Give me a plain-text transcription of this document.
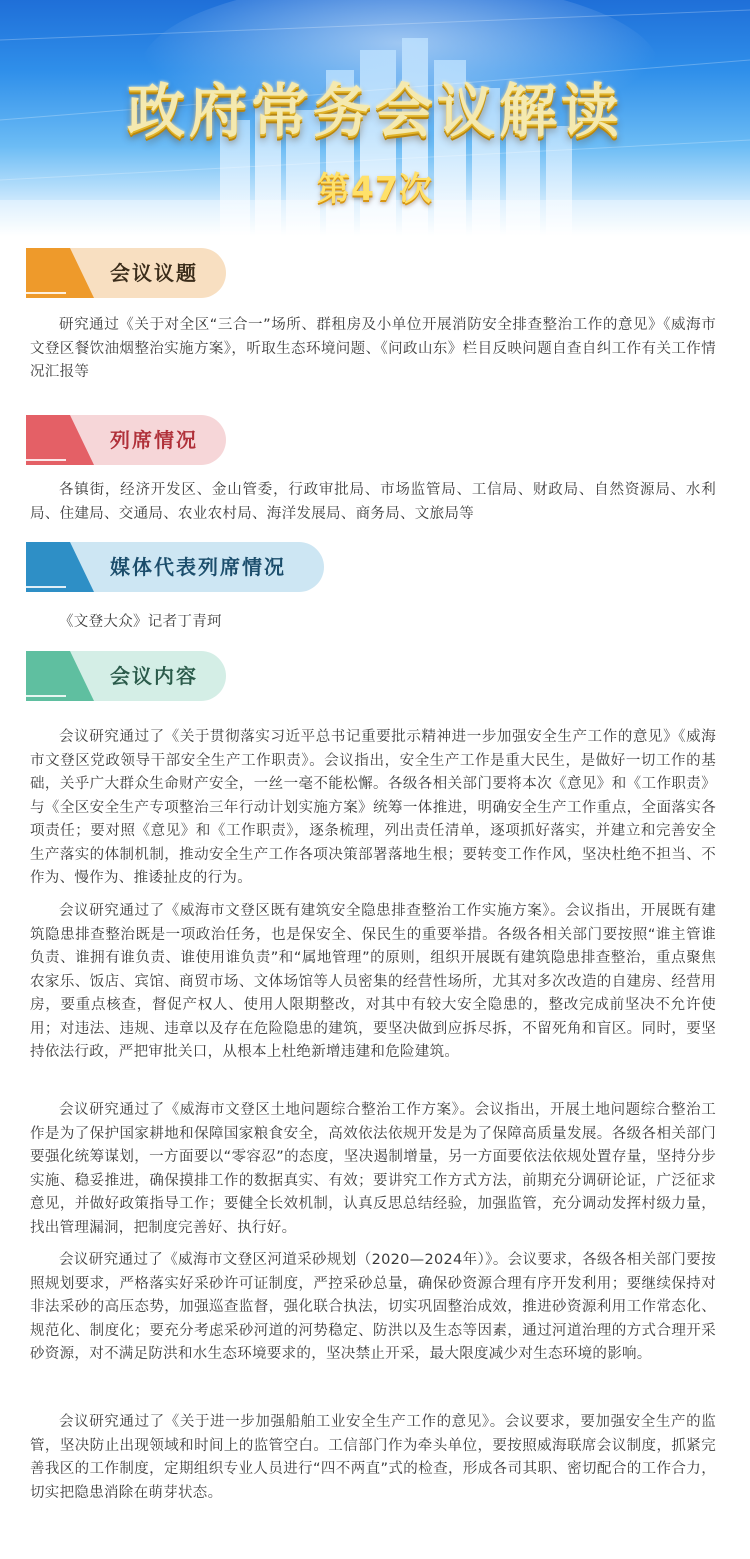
政府常务会议解读
第47次
会议议题

研究通过《关于对全区“三合一”场所、群租房及小单位开展消防安全排查整治工作的意见》《威海市文登区餐饮油烟整治实施方案》，听取生态环境问题、《问政山东》栏目反映问题自查自纠工作有关工作情况汇报等

列席情况

各镇街，经济开发区、金山管委，行政审批局、市场监管局、工信局、财政局、自然资源局、水利局、住建局、交通局、农业农村局、海洋发展局、商务局、文旅局等

媒体代表列席情况

《文登大众》记者丁青珂

会议内容

会议研究通过了《关于贯彻落实习近平总书记重要批示精神进一步加强安全生产工作的意见》《威海市文登区党政领导干部安全生产工作职责》。会议指出，安全生产工作是重大民生，是做好一切工作的基础，关乎广大群众生命财产安全，一丝一毫不能松懈。各级各相关部门要将本次《意见》和《工作职责》与《全区安全生产专项整治三年行动计划实施方案》统筹一体推进，明确安全生产工作重点，全面落实各项责任；要对照《意见》和《工作职责》，逐条梳理，列出责任清单，逐项抓好落实，并建立和完善安全生产落实的体制机制，推动安全生产工作各项决策部署落地生根；要转变工作作风，坚决杜绝不担当、不作为、慢作为、推诿扯皮的行为。

会议研究通过了《威海市文登区既有建筑安全隐患排查整治工作实施方案》。会议指出，开展既有建筑隐患排查整治既是一项政治任务，也是保安全、保民生的重要举措。各级各相关部门要按照“谁主管谁负责、谁拥有谁负责、谁使用谁负责”和“属地管理”的原则，组织开展既有建筑隐患排查整治，重点聚焦农家乐、饭店、宾馆、商贸市场、文体场馆等人员密集的经营性场所，尤其对多次改造的自建房、经营用房，要重点核查，督促产权人、使用人限期整改，对其中有较大安全隐患的，整改完成前坚决不允许使用；对违法、违规、违章以及存在危险隐患的建筑，要坚决做到应拆尽拆，不留死角和盲区。同时，要坚持依法行政，严把审批关口，从根本上杜绝新增违建和危险建筑。

会议研究通过了《威海市文登区土地问题综合整治工作方案》。会议指出，开展土地问题综合整治工作是为了保护国家耕地和保障国家粮食安全，高效依法依规开发是为了保障高质量发展。各级各相关部门要强化统筹谋划，一方面要以“零容忍”的态度，坚决遏制增量，另一方面要依法依规处置存量，坚持分步实施、稳妥推进，确保摸排工作的数据真实、有效；要讲究工作方式方法，前期充分调研论证，广泛征求意见，并做好政策指导工作；要健全长效机制，认真反思总结经验，加强监管，充分调动发挥村级力量，找出管理漏洞，把制度完善好、执行好。

会议研究通过了《威海市文登区河道采砂规划（2020—2024年）》。会议要求，各级各相关部门要按照规划要求，严格落实好采砂许可证制度，严控采砂总量，确保砂资源合理有序开发利用；要继续保持对非法采砂的高压态势，加强巡查监督，强化联合执法，切实巩固整治成效，推进砂资源利用工作常态化、规范化、制度化；要充分考虑采砂河道的河势稳定、防洪以及生态等因素，通过河道治理的方式合理开采砂资源，对不满足防洪和水生态环境要求的，坚决禁止开采，最大限度减少对生态环境的影响。

会议研究通过了《关于进一步加强船舶工业安全生产工作的意见》。会议要求，要加强安全生产的监管，坚决防止出现领域和时间上的监管空白。工信部门作为牵头单位，要按照威海联席会议制度，抓紧完善我区的工作制度，定期组织专业人员进行“四不两直”式的检查，形成各司其职、密切配合的工作合力，切实把隐患消除在萌芽状态。
